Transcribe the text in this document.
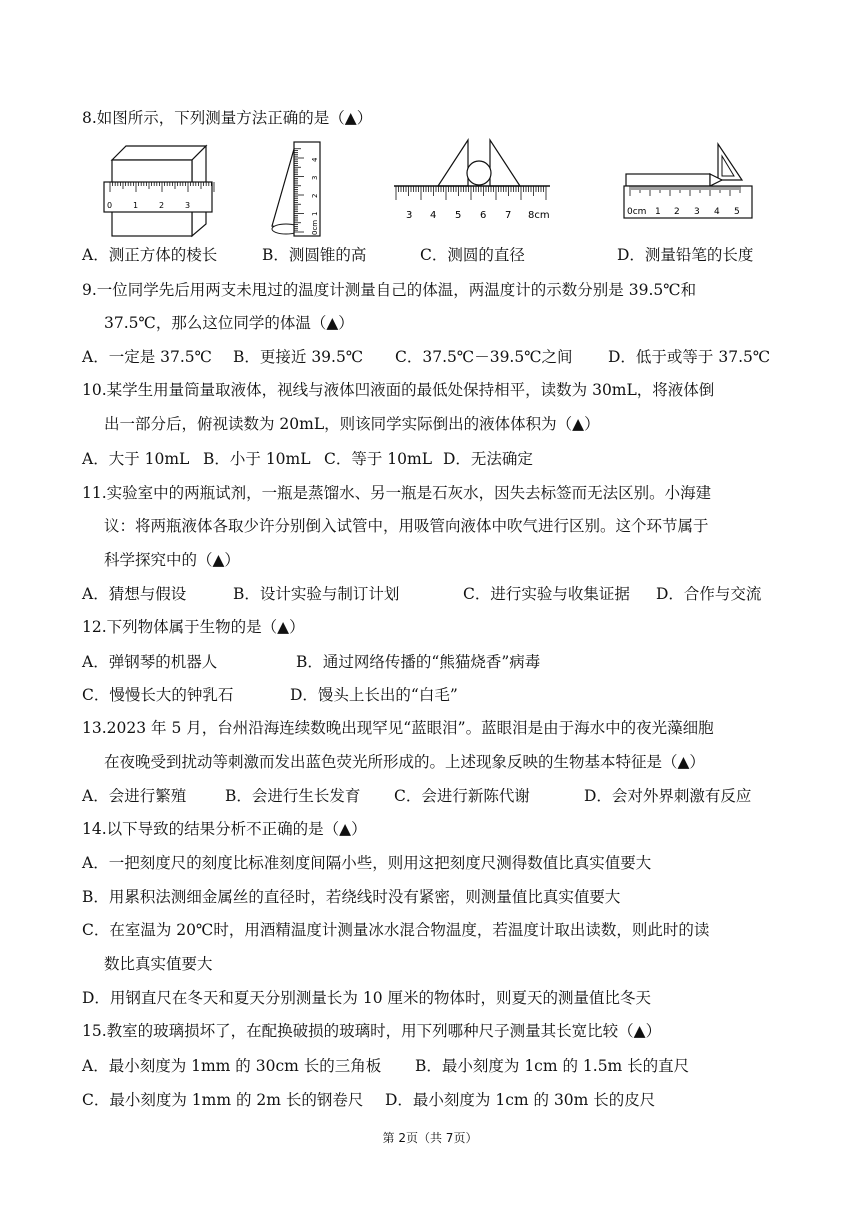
8.如图所示，下列测量方法正确的是（▲）
0	1	2	3
0cm
1
2
3
4
3 4 5 6 7 8cm	0cm 1 2 3 4 5
A．测正方体的棱长	B．测圆锥的高	C．测圆的直径	D．测量铅笔的长度
9.一位同学先后用两支未甩过的温度计测量自己的体温，两温度计的示数分别是 39.5℃和
37.5℃，那么这位同学的体温（▲）
A．一定是 37.5℃ B．更接近 39.5℃ C．37.5℃－39.5℃之间 D．低于或等于 37.5℃
10.某学生用量筒量取液体，视线与液体凹液面的最低处保持相平，读数为 30mL，将液体倒
出一部分后，俯视读数为 20mL，则该同学实际倒出的液体体积为（▲）
A．大于 10mL B．小于 10mL C．等于 10mL D．无法确定
11.实验室中的两瓶试剂，一瓶是蒸馏水、另一瓶是石灰水，因失去标签而无法区别。小海建
议：将两瓶液体各取少许分别倒入试管中，用吸管向液体中吹气进行区别。这个环节属于
科学探究中的（▲）
A．猜想与假设	B．设计实验与制订计划	C．进行实验与收集证据 D．合作与交流
12.下列物体属于生物的是（▲）
A．弹钢琴的机器人	B．通过网络传播的“熊猫烧香”病毒
C．慢慢长大的钟乳石	D．馒头上长出的“白毛”
13.2023 年 5 月，台州沿海连续数晚出现罕见“蓝眼泪”。蓝眼泪是由于海水中的夜光藻细胞
在夜晚受到扰动等刺激而发出蓝色荧光所形成的。上述现象反映的生物基本特征是（▲）
A．会进行繁殖	B．会进行生长发育 C．会进行新陈代谢	D．会对外界刺激有反应
14.以下导致的结果分析不正确的是（▲）
A．一把刻度尺的刻度比标准刻度间隔小些，则用这把刻度尺测得数值比真实值要大
B．用累积法测细金属丝的直径时，若绕线时没有紧密，则测量值比真实值要大
C．在室温为 20℃时，用酒精温度计测量冰水混合物温度，若温度计取出读数，则此时的读
数比真实值要大
D．用钢直尺在冬天和夏天分别测量长为 10 厘米的物体时，则夏天的测量值比冬天
15.教室的玻璃损坏了，在配换破损的玻璃时，用下列哪种尺子测量其长宽比较（▲）
A．最小刻度为 1mm 的 30cm 长的三角板 B．最小刻度为 1cm 的 1.5m 长的直尺
C．最小刻度为 1mm 的 2m 长的钢卷尺 D．最小刻度为 1cm 的 30m 长的皮尺
第 2页（共 7页）
